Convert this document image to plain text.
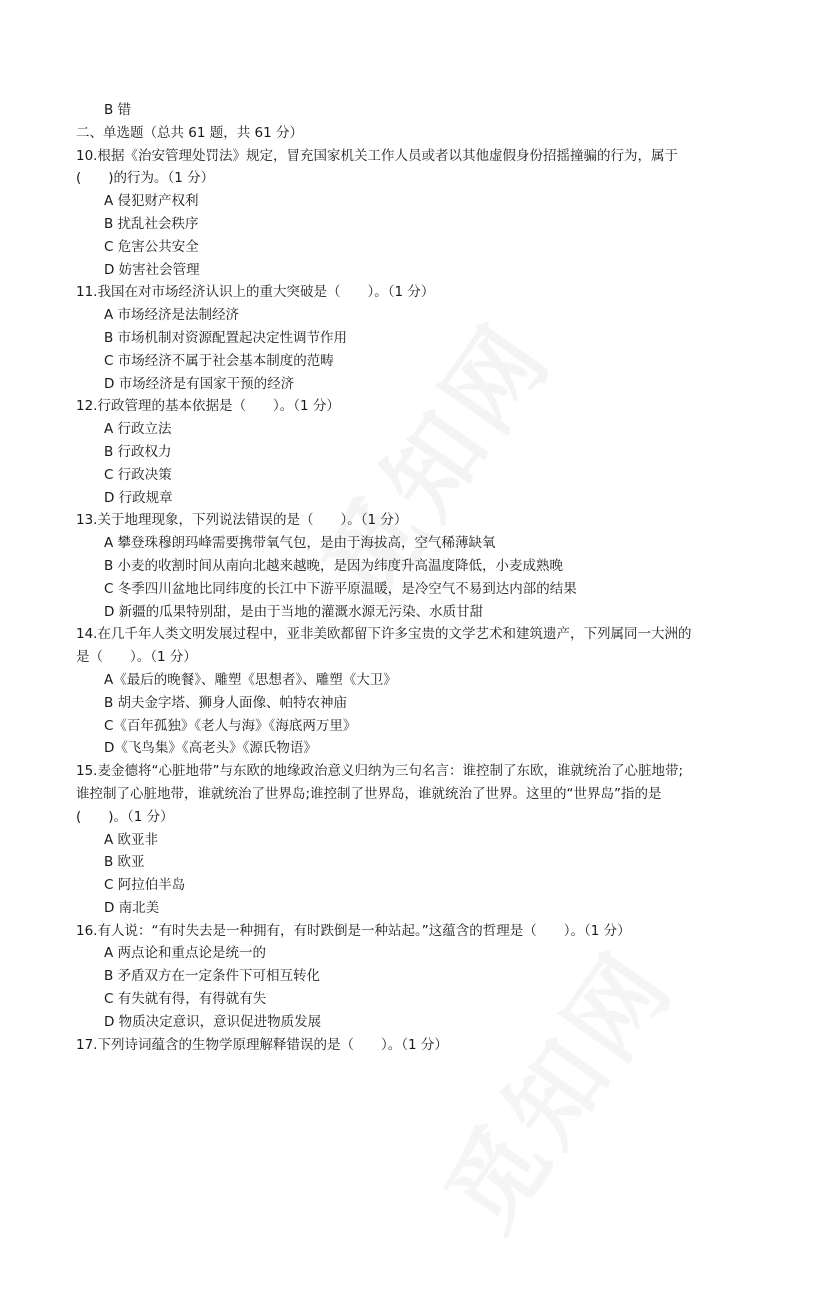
B 错
二、单选题（总共 61 题，共 61 分）
10.根据《治安管理处罚法》规定，冒充国家机关工作人员或者以其他虚假身份招摇撞骗的行为，属于
(　　)的行为。（1 分）
A 侵犯财产权利
B 扰乱社会秩序
C 危害公共安全
D 妨害社会管理
11.我国在对市场经济认识上的重大突破是（　　）。（1 分）
A 市场经济是法制经济
B 市场机制对资源配置起决定性调节作用
C 市场经济不属于社会基本制度的范畴
D 市场经济是有国家干预的经济
12.行政管理的基本依据是（　　）。（1 分）
A 行政立法
B 行政权力
C 行政决策
D 行政规章
13.关于地理现象，下列说法错误的是（　　）。（1 分）
A 攀登珠穆朗玛峰需要携带氧气包，是由于海拔高，空气稀薄缺氧
B 小麦的收割时间从南向北越来越晚，是因为纬度升高温度降低，小麦成熟晚
C 冬季四川盆地比同纬度的长江中下游平原温暖，是冷空气不易到达内部的结果
D 新疆的瓜果特别甜，是由于当地的灌溉水源无污染、水质甘甜
14.在几千年人类文明发展过程中，亚非美欧都留下许多宝贵的文学艺术和建筑遗产，下列属同一大洲的
是（　　）。（1 分）
A《最后的晚餐》、雕塑《思想者》、雕塑《大卫》
B 胡夫金字塔、狮身人面像、帕特农神庙
C《百年孤独》《老人与海》《海底两万里》
D《飞鸟集》《高老头》《源氏物语》
15.麦金德将“心脏地带”与东欧的地缘政治意义归纳为三句名言：谁控制了东欧，谁就统治了心脏地带;
谁控制了心脏地带，谁就统治了世界岛;谁控制了世界岛，谁就统治了世界。这里的“世界岛”指的是
(　　)。（1 分）
A 欧亚非
B 欧亚
C 阿拉伯半岛
D 南北美
16.有人说：“有时失去是一种拥有，有时跌倒是一种站起。”这蕴含的哲理是（　　）。（1 分）
A 两点论和重点论是统一的
B 矛盾双方在一定条件下可相互转化
C 有失就有得，有得就有失
D 物质决定意识，意识促进物质发展
17.下列诗词蕴含的生物学原理解释错误的是（　　）。（1 分）
